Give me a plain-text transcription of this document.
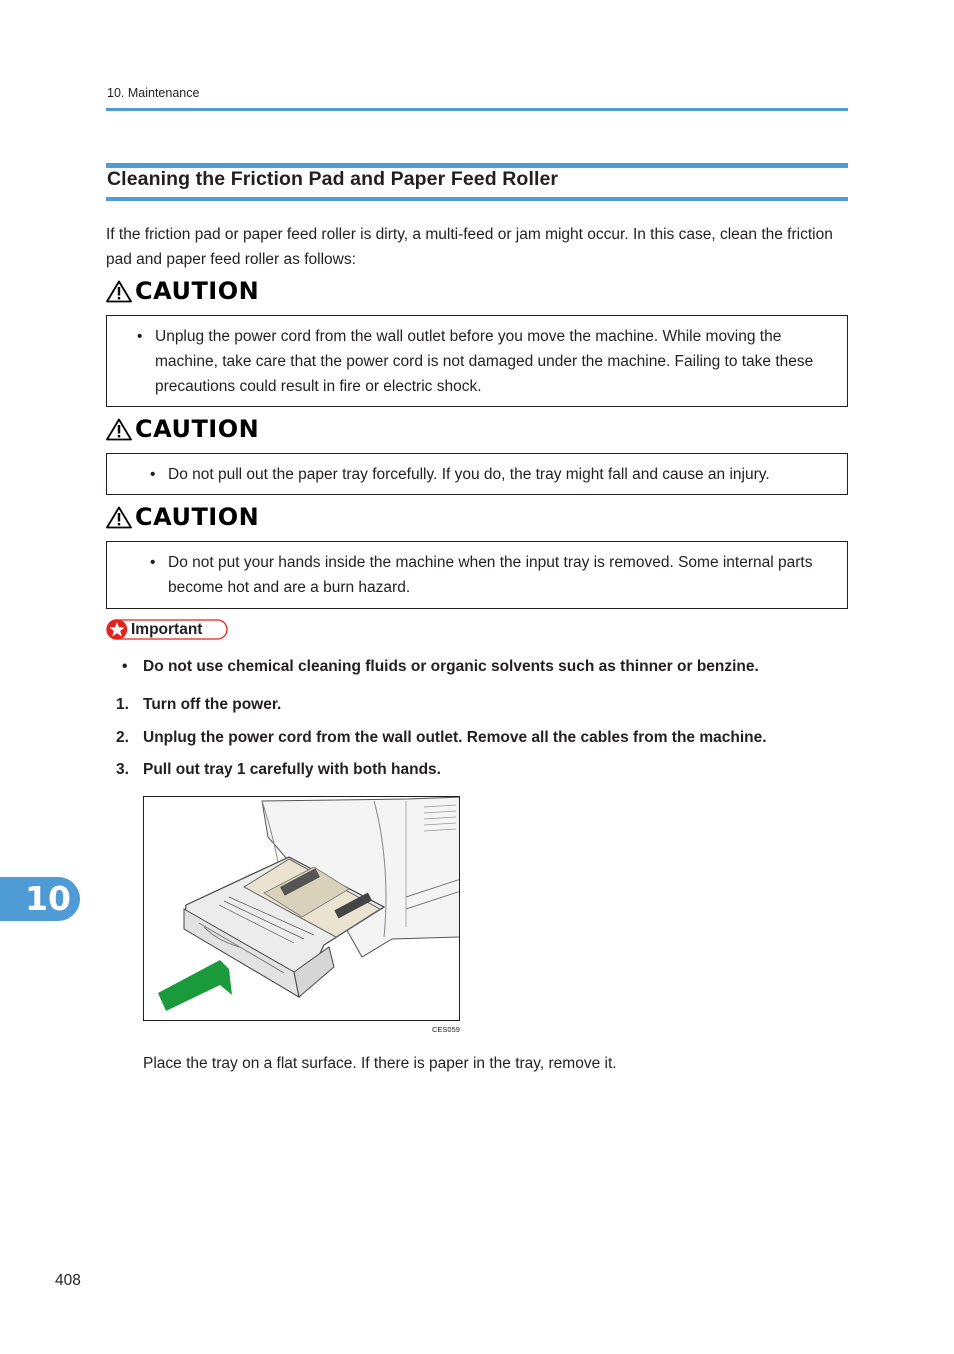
10. Maintenance
Cleaning the Friction Pad and Paper Feed Roller
If the friction pad or paper feed roller is dirty, a multi-feed or jam might occur. In this case, clean the friction pad and paper feed roller as follows:
CAUTION
• Unplug the power cord from the wall outlet before you move the machine. While moving the machine, take care that the power cord is not damaged under the machine. Failing to take these precautions could result in fire or electric shock.
CAUTION
• Do not pull out the paper tray forcefully. If you do, the tray might fall and cause an injury.
CAUTION
• Do not put your hands inside the machine when the input tray is removed. Some internal parts become hot and are a burn hazard.
Important
• Do not use chemical cleaning fluids or organic solvents such as thinner or benzine.
1. Turn off the power.
2. Unplug the power cord from the wall outlet. Remove all the cables from the machine.
3. Pull out tray 1 carefully with both hands.
CES059
Place the tray on a flat surface. If there is paper in the tray, remove it.
10
408
